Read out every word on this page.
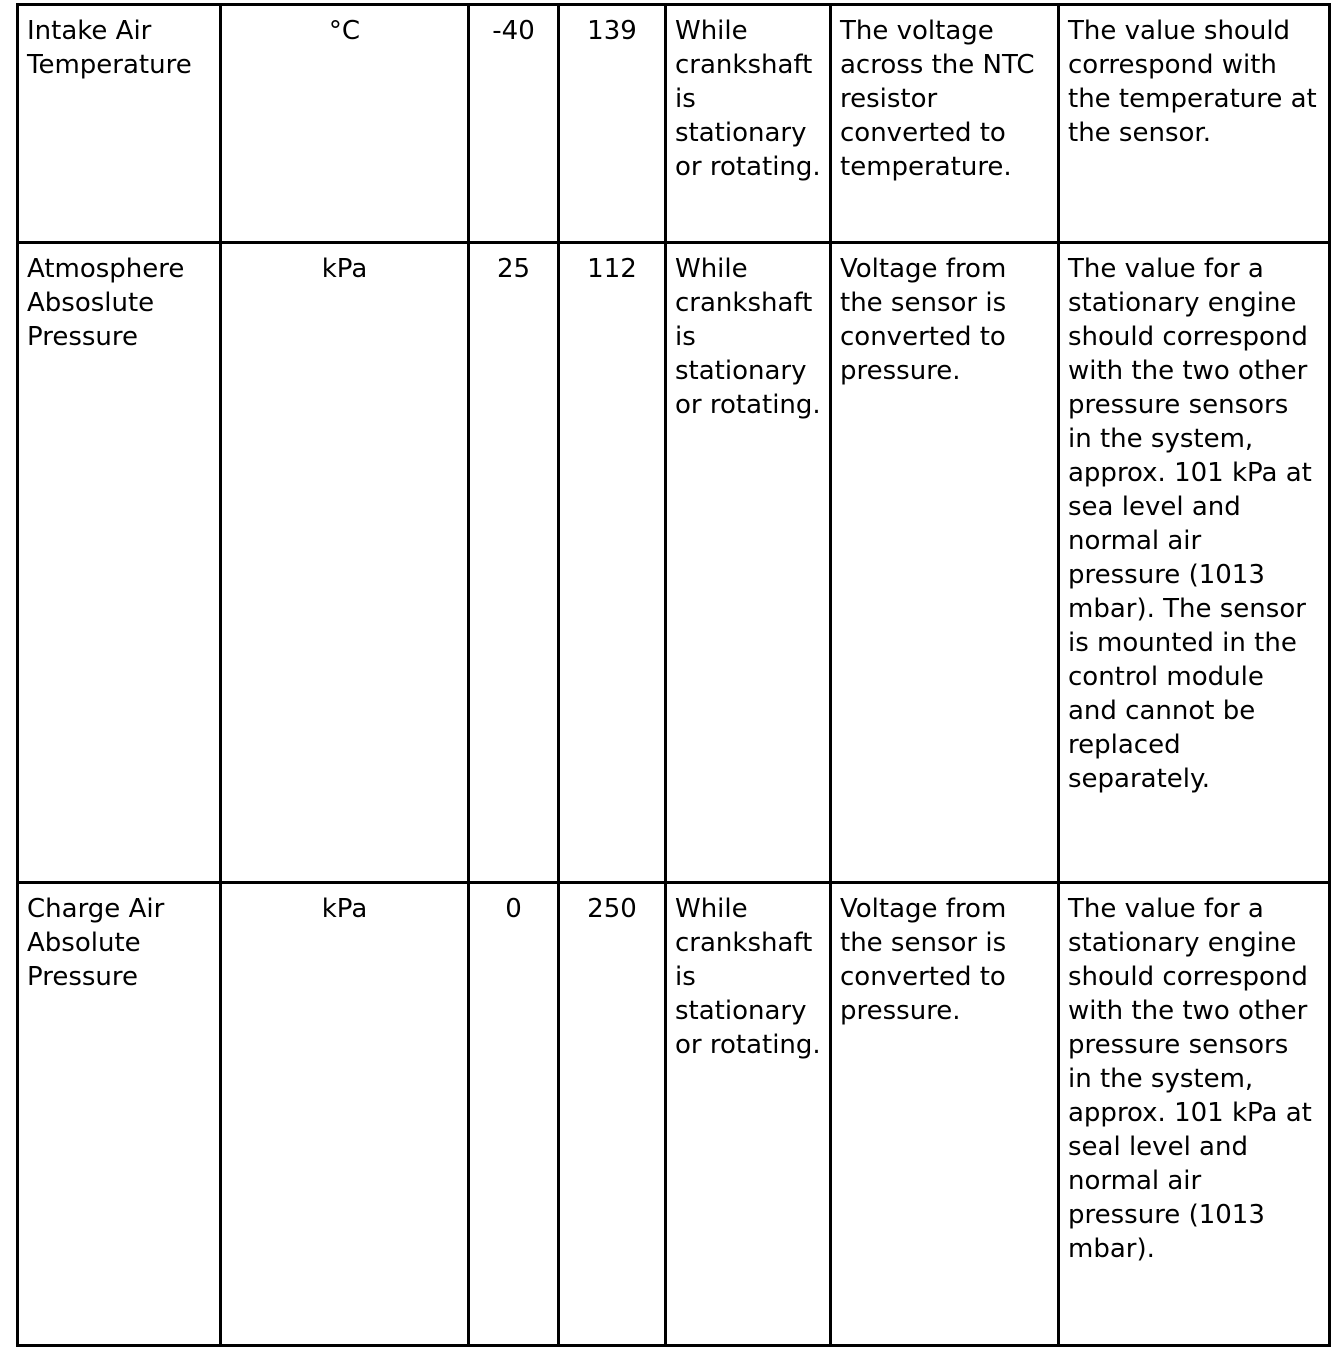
Intake Air Temperature	°C	-40	139	While crankshaft is stationary or rotating.	The voltage across the NTC resistor converted to temperature.	The value should correspond with the temperature at the sensor.
Atmosphere Absoslute Pressure	kPa	25	112	While crankshaft is stationary or rotating.	Voltage from the sensor is converted to pressure.	The value for a stationary engine should correspond with the two other pressure sensors in the system, approx. 101 kPa at sea level and normal air pressure (1013 mbar). The sensor is mounted in the control module and cannot be replaced separately.
Charge Air Absolute Pressure	kPa	0	250	While crankshaft is stationary or rotating.	Voltage from the sensor is converted to pressure.	The value for a stationary engine should correspond with the two other pressure sensors in the system, approx. 101 kPa at seal level and normal air pressure (1013 mbar).
